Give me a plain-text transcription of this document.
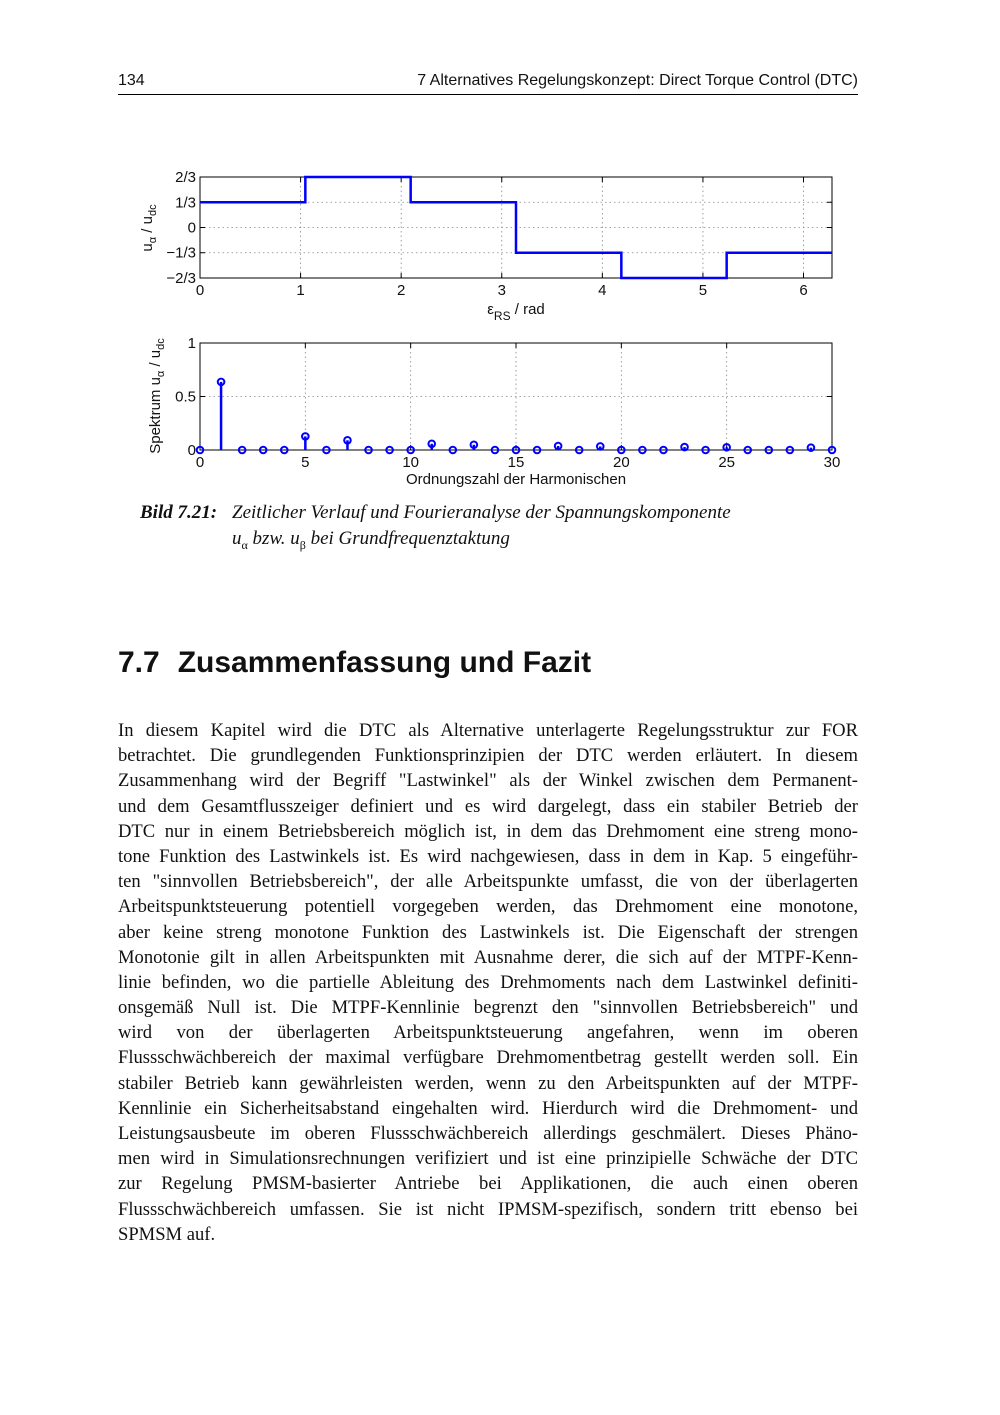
134	7 Alternatives Regelungskonzept: Direct Torque Control (DTC)
0	1	2	3	4	5	6
2/3
1/3
0
−1/3
−2/3
$u_\alpha / u_{dc}$
$\varepsilon_{RS}$ / rad
0	5	10	15	20	25	30
1
0.5
0
Spektrum $u_\alpha / u_{dc}$
Ordnungszahl der Harmonischen
Bild 7.21: Zeitlicher Verlauf und Fourieranalyse der Spannungskomponente
$u_\alpha$ bzw. $u_\beta$ bei Grundfrequenztaktung
7.7 Zusammenfassung und Fazit
In diesem Kapitel wird die DTC als Alternative unterlagerte Regelungsstruktur zur FOR
betrachtet. Die grundlegenden Funktionsprinzipien der DTC werden erläutert. In diesem
Zusammenhang wird der Begriff "Lastwinkel" als der Winkel zwischen dem Permanent-
und dem Gesamtflusszeiger definiert und es wird dargelegt, dass ein stabiler Betrieb der
DTC nur in einem Betriebsbereich möglich ist, in dem das Drehmoment eine streng mono-
tone Funktion des Lastwinkels ist. Es wird nachgewiesen, dass in dem in Kap. 5 eingeführ-
ten "sinnvollen Betriebsbereich", der alle Arbeitspunkte umfasst, die von der überlagerten
Arbeitspunktsteuerung potentiell vorgegeben werden, das Drehmoment eine monotone,
aber keine streng monotone Funktion des Lastwinkels ist. Die Eigenschaft der strengen
Monotonie gilt in allen Arbeitspunkten mit Ausnahme derer, die sich auf der MTPF-Kenn-
linie befinden, wo die partielle Ableitung des Drehmoments nach dem Lastwinkel definiti-
onsgemäß Null ist. Die MTPF-Kennlinie begrenzt den "sinnvollen Betriebsbereich" und
wird von der überlagerten Arbeitspunktsteuerung angefahren, wenn im oberen
Flussschwächbereich der maximal verfügbare Drehmomentbetrag gestellt werden soll. Ein
stabiler Betrieb kann gewährleisten werden, wenn zu den Arbeitspunkten auf der MTPF-
Kennlinie ein Sicherheitsabstand eingehalten wird. Hierdurch wird die Drehmoment- und
Leistungsausbeute im oberen Flussschwächbereich allerdings geschmälert. Dieses Phäno-
men wird in Simulationsrechnungen verifiziert und ist eine prinzipielle Schwäche der DTC
zur Regelung PMSM-basierter Antriebe bei Applikationen, die auch einen oberen
Flussschwächbereich umfassen. Sie ist nicht IPMSM-spezifisch, sondern tritt ebenso bei
SPMSM auf.
